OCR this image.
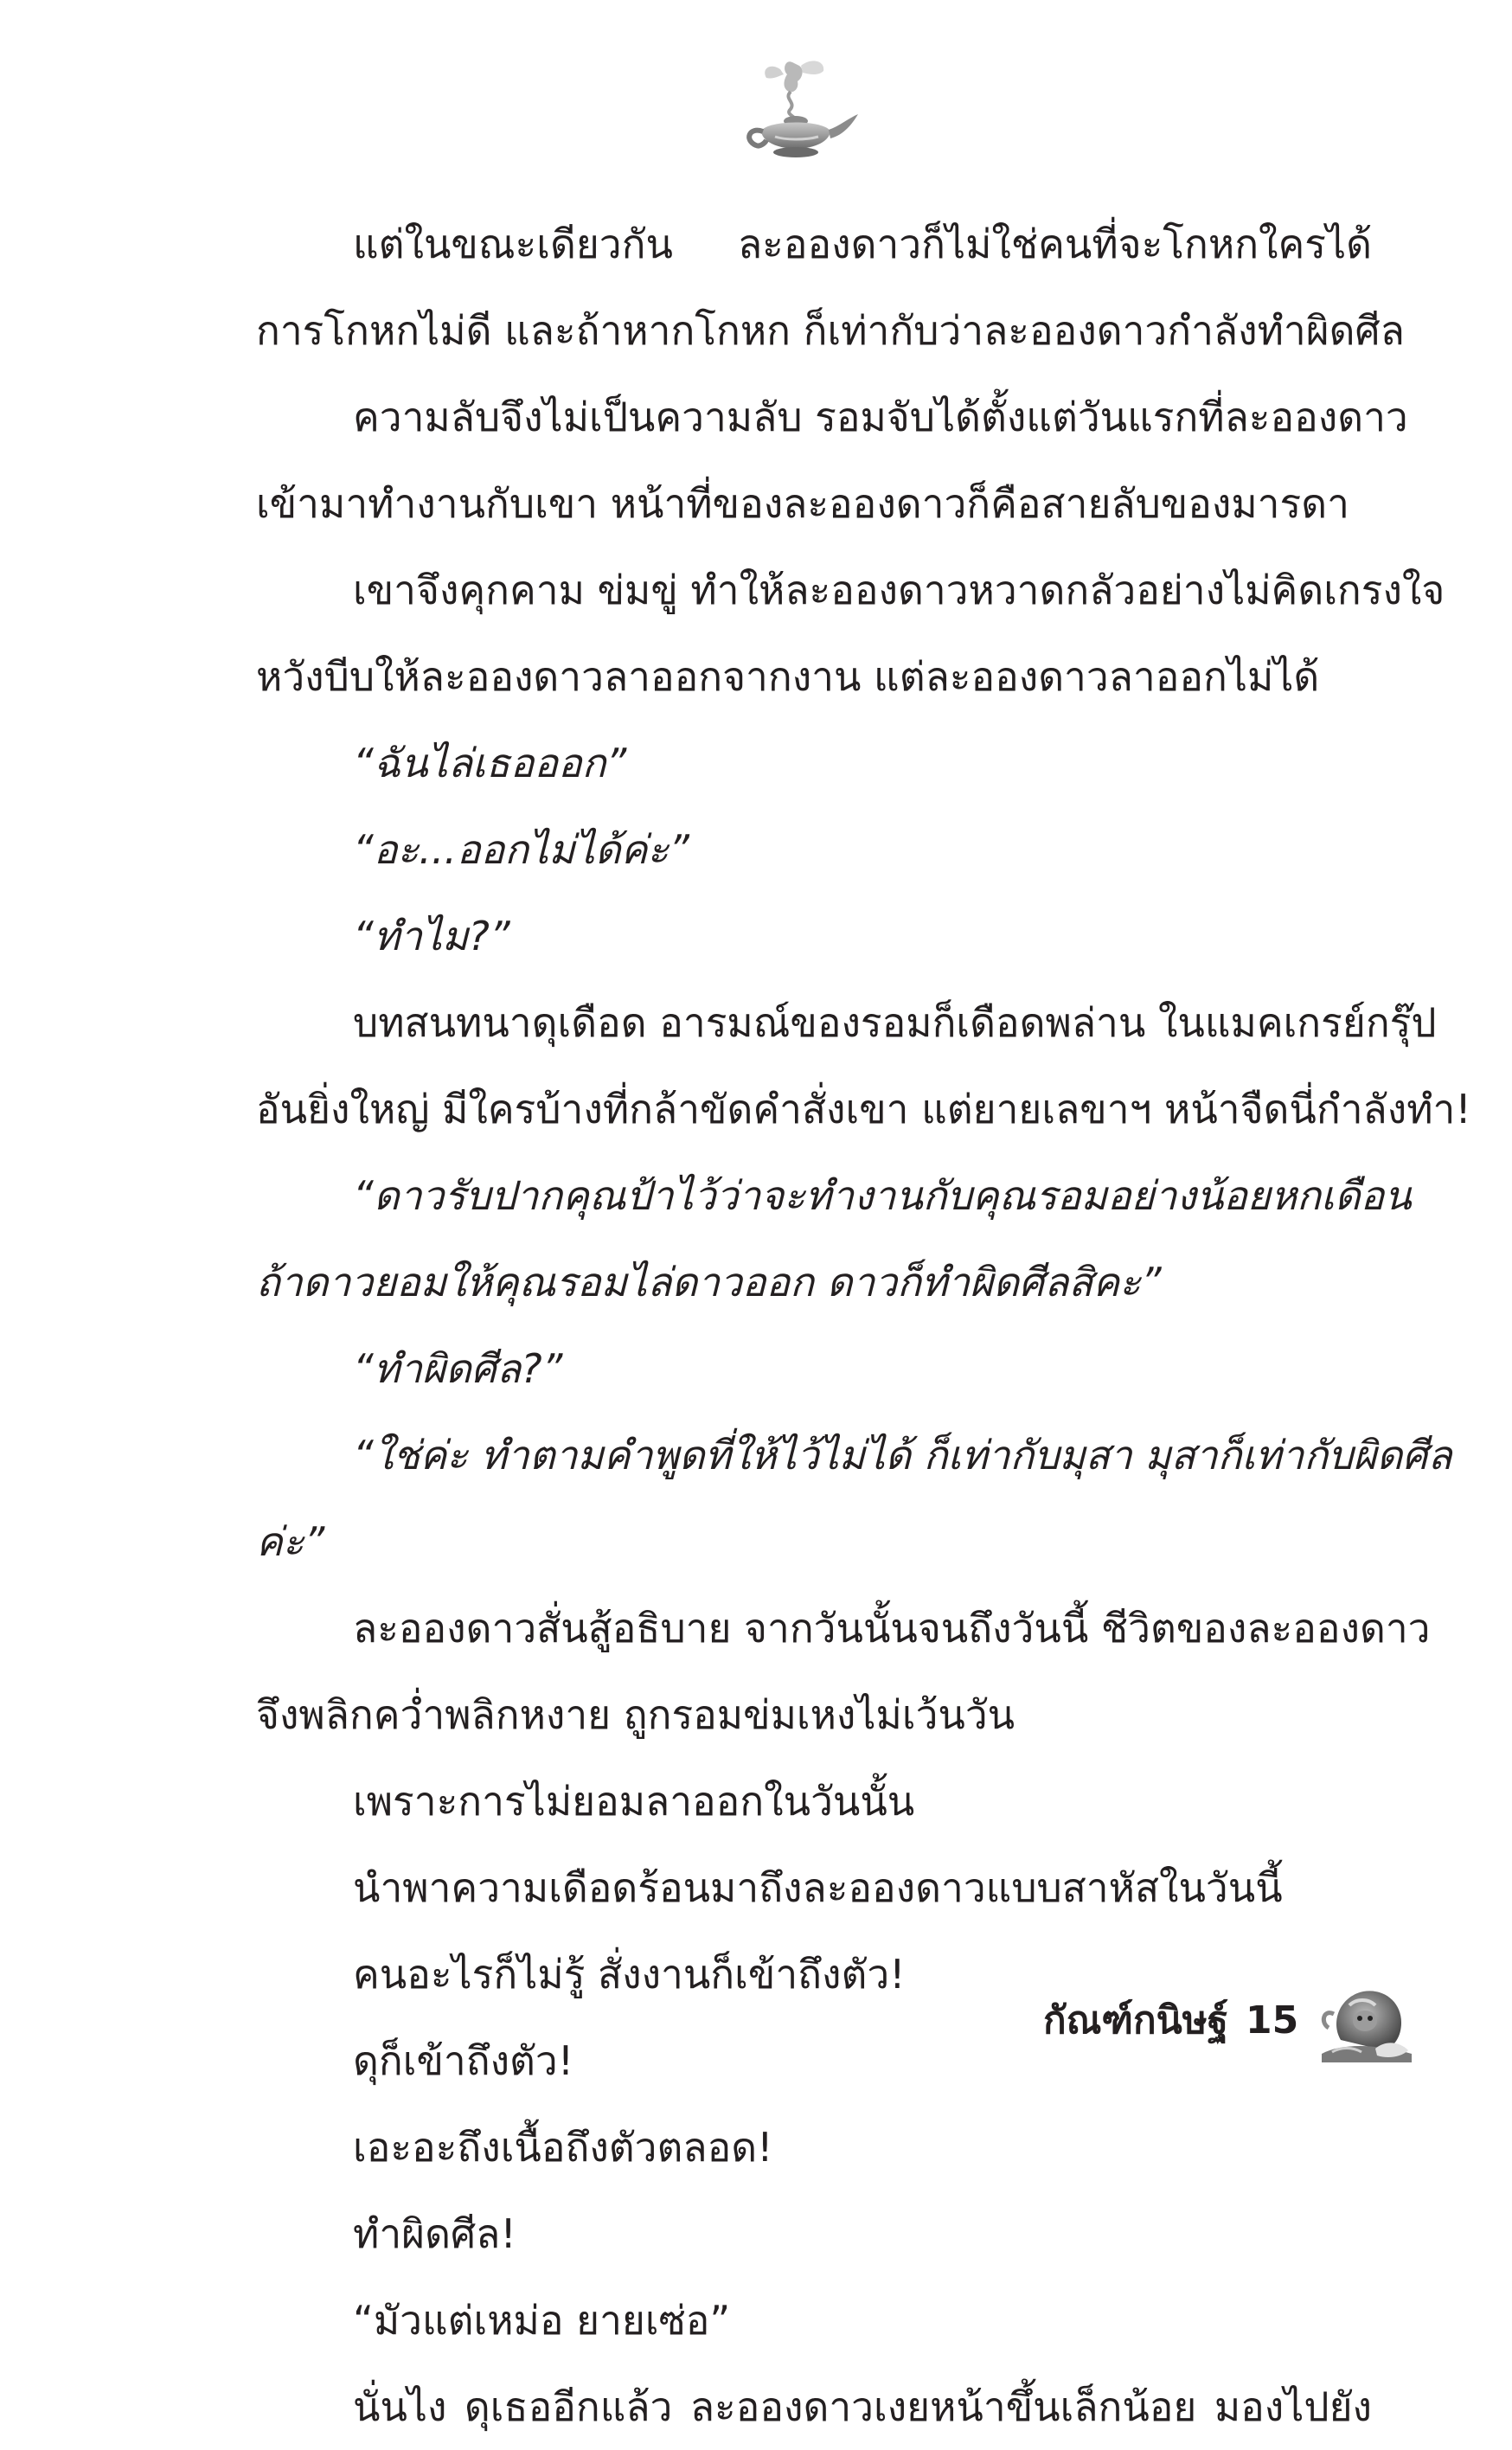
แต่ในขณะเดียวกัน ละอองดาวก็ไม่ใช่คนที่จะโกหกใครได้
การโกหกไม่ดี และถ้าหากโกหก ก็เท่ากับว่าละอองดาวกำลังทำผิดศีล
ความลับจึงไม่เป็นความลับ รอมจับได้ตั้งแต่วันแรกที่ละอองดาว
เข้ามาทำงานกับเขา หน้าที่ของละอองดาวก็คือสายลับของมารดา
เขาจึงคุกคาม ข่มขู่ ทำให้ละอองดาวหวาดกลัวอย่างไม่คิดเกรงใจ
หวังบีบให้ละอองดาวลาออกจากงาน แต่ละอองดาวลาออกไม่ได้
“ฉันไล่เธอออก”
“อะ...ออกไม่ได้ค่ะ”
“ทำไม?”
บทสนทนาดุเดือด อารมณ์ของรอมก็เดือดพล่าน ในแมคเกรย์กรุ๊ป
อันยิ่งใหญ่ มีใครบ้างที่กล้าขัดคำสั่งเขา แต่ยายเลขาฯ หน้าจืดนี่กำลังทำ!
“ดาวรับปากคุณป้าไว้ว่าจะทำงานกับคุณรอมอย่างน้อยหกเดือน
ถ้าดาวยอมให้คุณรอมไล่ดาวออก ดาวก็ทำผิดศีลสิคะ”
“ทำผิดศีล?”
“ใช่ค่ะ ทำตามคำพูดที่ให้ไว้ไม่ได้ ก็เท่ากับมุสา มุสาก็เท่ากับผิดศีล
ค่ะ”
ละอองดาวสั่นสู้อธิบาย จากวันนั้นจนถึงวันนี้ ชีวิตของละอองดาว
จึงพลิกคว่ำพลิกหงาย ถูกรอมข่มเหงไม่เว้นวัน
เพราะการไม่ยอมลาออกในวันนั้น
นำพาความเดือดร้อนมาถึงละอองดาวแบบสาหัสในวันนี้
คนอะไรก็ไม่รู้ สั่งงานก็เข้าถึงตัว!
ดุก็เข้าถึงตัว!
เอะอะถึงเนื้อถึงตัวตลอด!
ทำผิดศีล!
“มัวแต่เหม่อ ยายเซ่อ”
นั่นไง ดุเธออีกแล้ว ละอองดาวเงยหน้าขึ้นเล็กน้อย มองไปยัง
กัณฑ์กนิษฐ์ 15
